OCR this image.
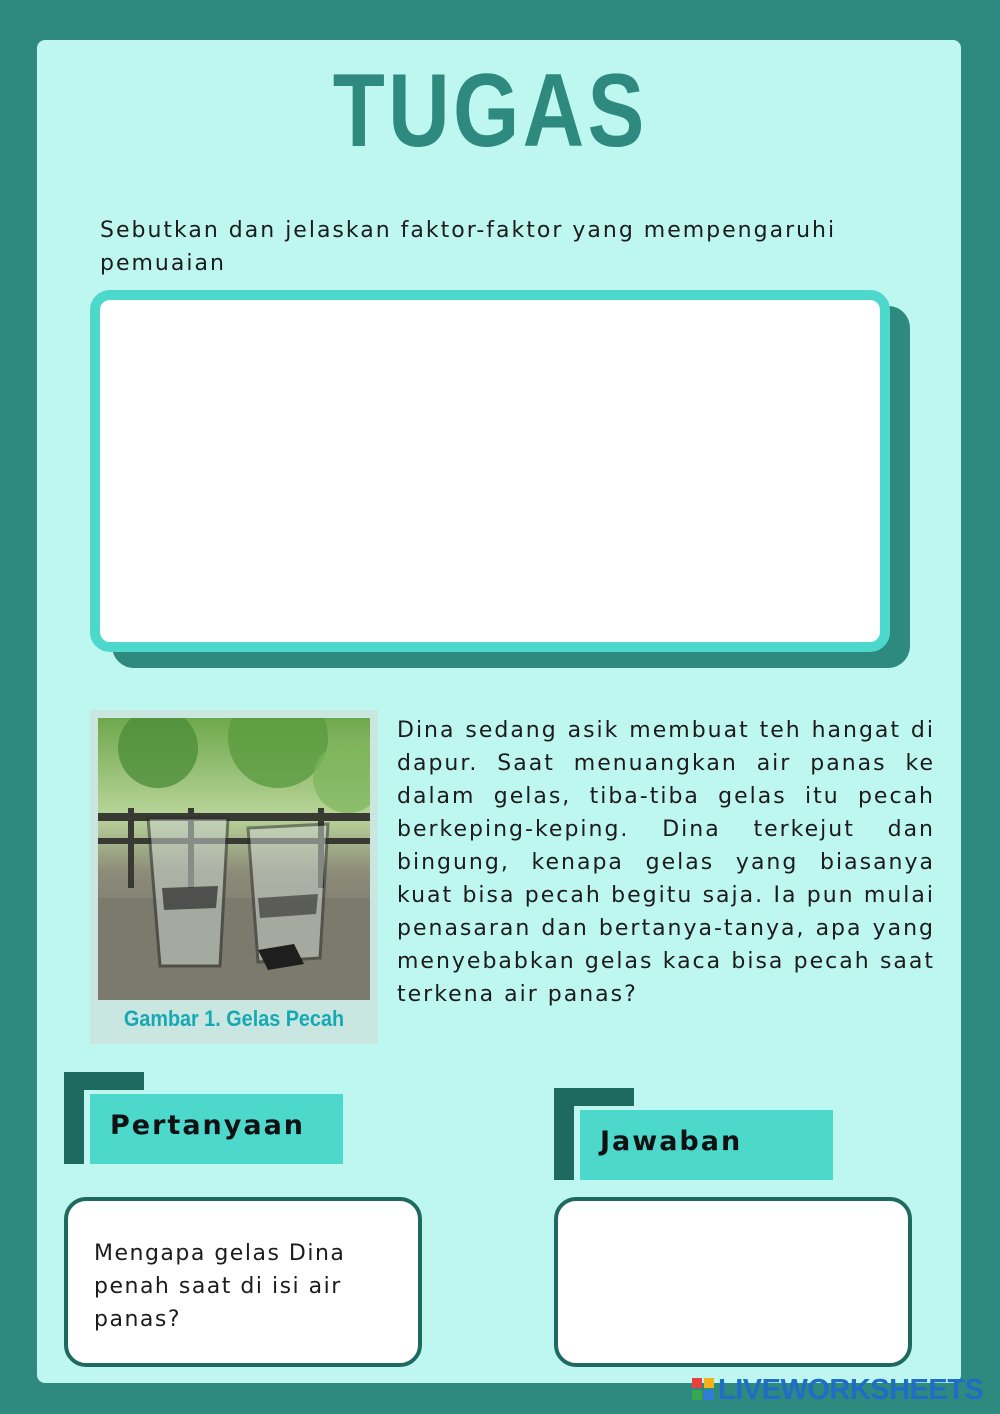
TUGAS

Sebutkan dan jelaskan faktor-faktor yang mempengaruhi pemuaian

Gambar 1. Gelas Pecah

Dina sedang asik membuat teh hangat di dapur. Saat menuangkan air panas ke dalam gelas, tiba-tiba gelas itu pecah berkeping-keping. Dina terkejut dan bingung, kenapa gelas yang biasanya kuat bisa pecah begitu saja. Ia pun mulai penasaran dan bertanya-tanya, apa yang menyebabkan gelas kaca bisa pecah saat terkena air panas?

Pertanyaan

Mengapa gelas Dina penah saat di isi air panas?

Jawaban
LIVEWORKSHEETS
